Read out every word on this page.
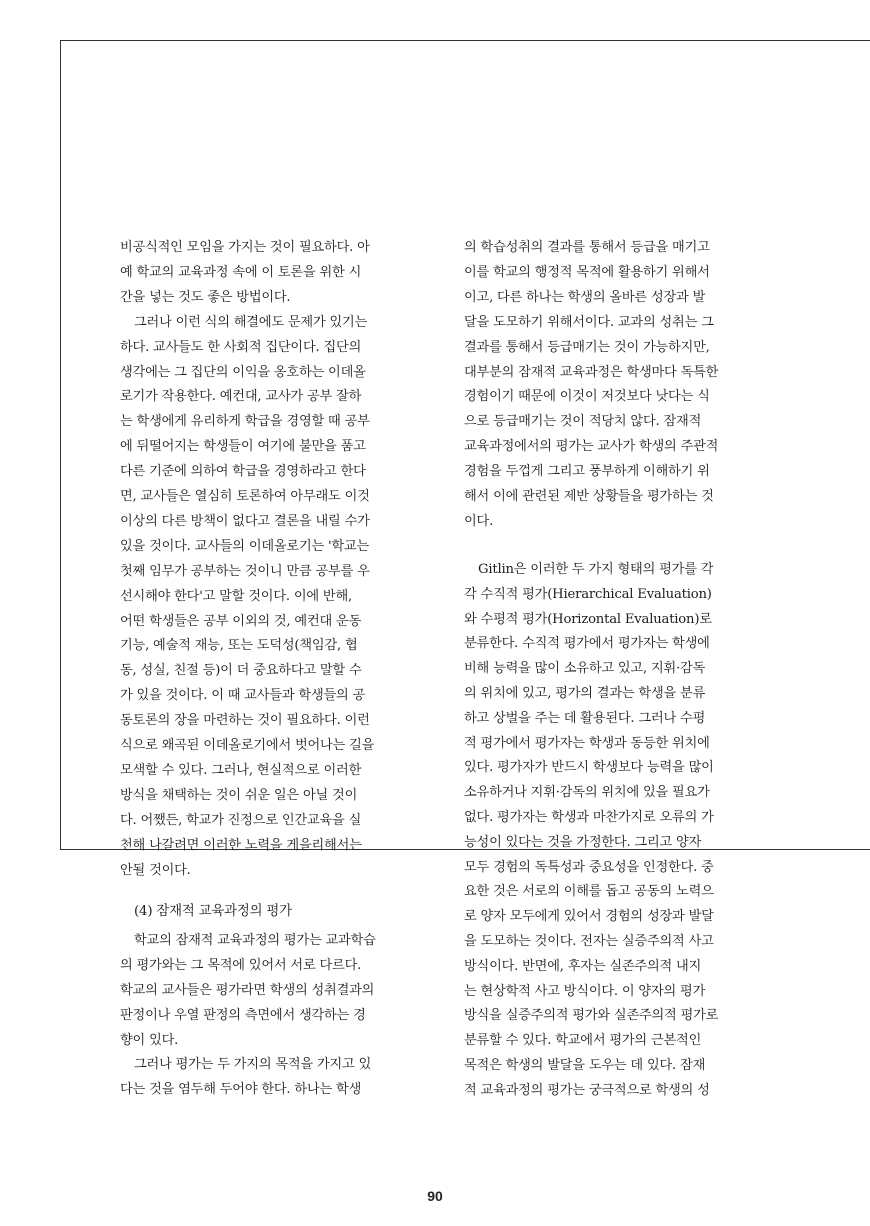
비공식적인 모임을 가지는 것이 필요하다. 아
예 학교의 교육과정 속에 이 토론을 위한 시
간을 넣는 것도 좋은 방법이다.
그러나 이런 식의 해결에도 문제가 있기는
하다. 교사들도 한 사회적 집단이다. 집단의
생각에는 그 집단의 이익을 옹호하는 이데올
로기가 작용한다. 예컨대, 교사가 공부 잘하
는 학생에게 유리하게 학급을 경영할 때 공부
에 뒤떨어지는 학생들이 여기에 불만을 품고
다른 기준에 의하여 학급을 경영하라고 한다
면, 교사들은 열심히 토론하여 아무래도 이것
이상의 다른 방책이 없다고 결론을 내릴 수가
있을 것이다. 교사들의 이데올로기는 '학교는
첫째 임무가 공부하는 것이니 만큼 공부를 우
선시해야 한다'고 말할 것이다. 이에 반해,
어떤 학생들은 공부 이외의 것, 예컨대 운동
기능, 예술적 재능, 또는 도덕성(책임감, 협
동, 성실, 친절 등)이 더 중요하다고 말할 수
가 있을 것이다. 이 때 교사들과 학생들의 공
동토론의 장을 마련하는 것이 필요하다. 이런
식으로 왜곡된 이데올로기에서 벗어나는 길을
모색할 수 있다. 그러나, 현실적으로 이러한
방식을 채택하는 것이 쉬운 일은 아닐 것이
다. 어쨌든, 학교가 진정으로 인간교육을 실
천해 나갈려면 이러한 노력을 게을리해서는
안될 것이다.
(4) 잠재적 교육과정의 평가
학교의 잠재적 교육과정의 평가는 교과학습
의 평가와는 그 목적에 있어서 서로 다르다.
학교의 교사들은 평가라면 학생의 성취결과의
판정이나 우열 판정의 측면에서 생각하는 경
향이 있다.
그러나 평가는 두 가지의 목적을 가지고 있
다는 것을 염두해 두어야 한다. 하나는 학생
의 학습성취의 결과를 통해서 등급을 매기고
이를 학교의 행정적 목적에 활용하기 위해서
이고, 다른 하나는 학생의 올바른 성장과 발
달을 도모하기 위해서이다. 교과의 성취는 그
결과를 통해서 등급매기는 것이 가능하지만,
대부분의 잠재적 교육과정은 학생마다 독특한
경험이기 때문에 이것이 저것보다 낫다는 식
으로 등급매기는 것이 적당치 않다. 잠재적
교육과정에서의 평가는 교사가 학생의 주관적
경험을 두껍게 그리고 풍부하게 이해하기 위
해서 이에 관련된 제반 상황들을 평가하는 것
이다.
Gitlin은 이러한 두 가지 형태의 평가를 각
각 수직적 평가(Hierarchical Evaluation)
와 수평적 평가(Horizontal Evaluation)로
분류한다. 수직적 평가에서 평가자는 학생에
비해 능력을 많이 소유하고 있고, 지휘·감독
의 위치에 있고, 평가의 결과는 학생을 분류
하고 상벌을 주는 데 활용된다. 그러나 수평
적 평가에서 평가자는 학생과 동등한 위치에
있다. 평가자가 반드시 학생보다 능력을 많이
소유하거나 지휘·감독의 위치에 있을 필요가
없다. 평가자는 학생과 마찬가지로 오류의 가
능성이 있다는 것을 가정한다. 그리고 양자
모두 경험의 독특성과 중요성을 인정한다. 중
요한 것은 서로의 이해를 돕고 공동의 노력으
로 양자 모두에게 있어서 경험의 성장과 발달
을 도모하는 것이다. 전자는 실증주의적 사고
방식이다. 반면에, 후자는 실존주의적 내지
는 현상학적 사고 방식이다. 이 양자의 평가
방식을 실증주의적 평가와 실존주의적 평가로
분류할 수 있다. 학교에서 평가의 근본적인
목적은 학생의 발달을 도우는 데 있다. 잠재
적 교육과정의 평가는 궁극적으로 학생의 성
90
